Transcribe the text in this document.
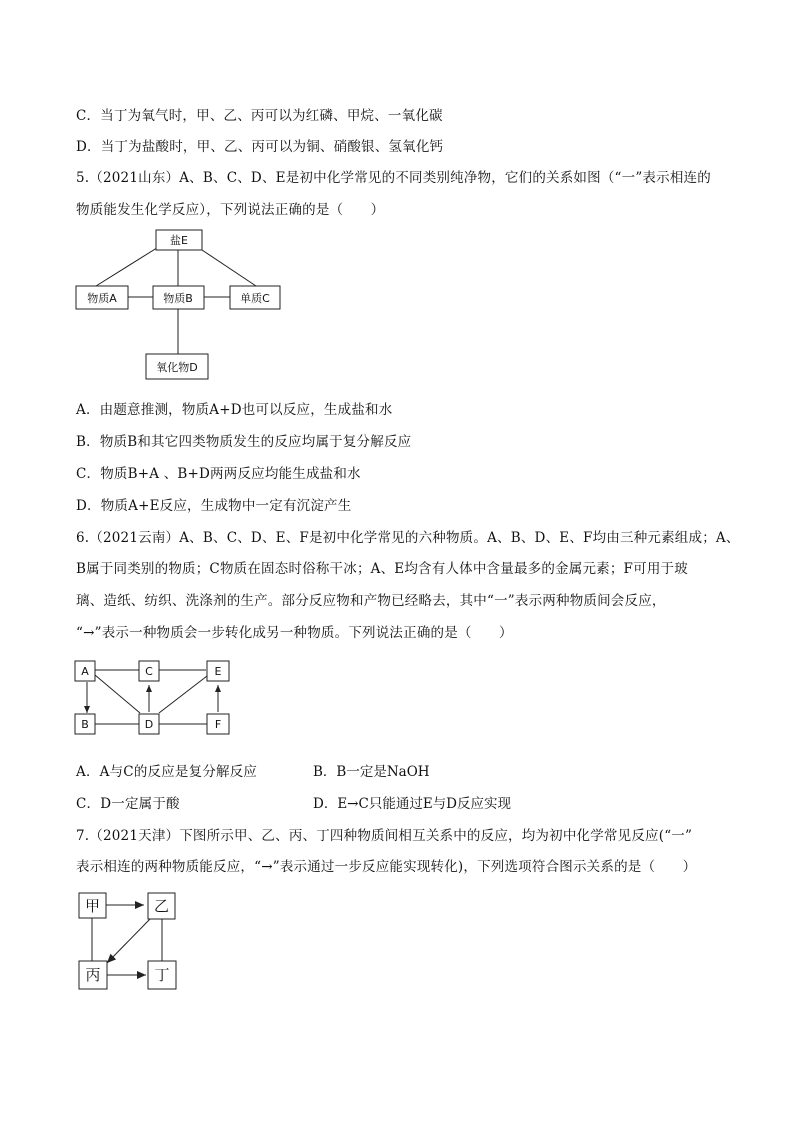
C．当丁为氧气时，甲、乙、丙可以为红磷、甲烷、一氧化碳
D．当丁为盐酸时，甲、乙、丙可以为铜、硝酸银、氢氧化钙
5.（2021山东）A、B、C、D、E是初中化学常见的不同类别纯净物，它们的关系如图（“一”表示相连的
物质能发生化学反应），下列说法正确的是（　　）
盐E
物质A	物质B	单质C
氧化物D
A．由题意推测，物质A+D也可以反应，生成盐和水
B．物质B和其它四类物质发生的反应均属于复分解反应
C．物质B+A 、B+D两两反应均能生成盐和水
D．物质A+E反应，生成物中一定有沉淀产生
6.（2021云南）A、B、C、D、E、F是初中化学常见的六种物质。A、B、D、E、F均由三种元素组成；A、
B属于同类别的物质；C物质在固态时俗称干冰；A、E均含有人体中含量最多的金属元素；F可用于玻
璃、造纸、纺织、洗涤剂的生产。部分反应物和产物已经略去，其中“一”表示两种物质间会反应，
“→”表示一种物质会一步转化成另一种物质。下列说法正确的是（　　）
A	C	E
B	D	F
A．A与C的反应是复分解反应	B．B一定是NaOH
C．D一定属于酸	D．E→C只能通过E与D反应实现
7.（2021天津）下图所示甲、乙、丙、丁四种物质间相互关系中的反应，均为初中化学常见反应(“一”
表示相连的两种物质能反应，“→”表示通过一步反应能实现转化)，下列选项符合图示关系的是（　　）
甲	乙
丙	丁
